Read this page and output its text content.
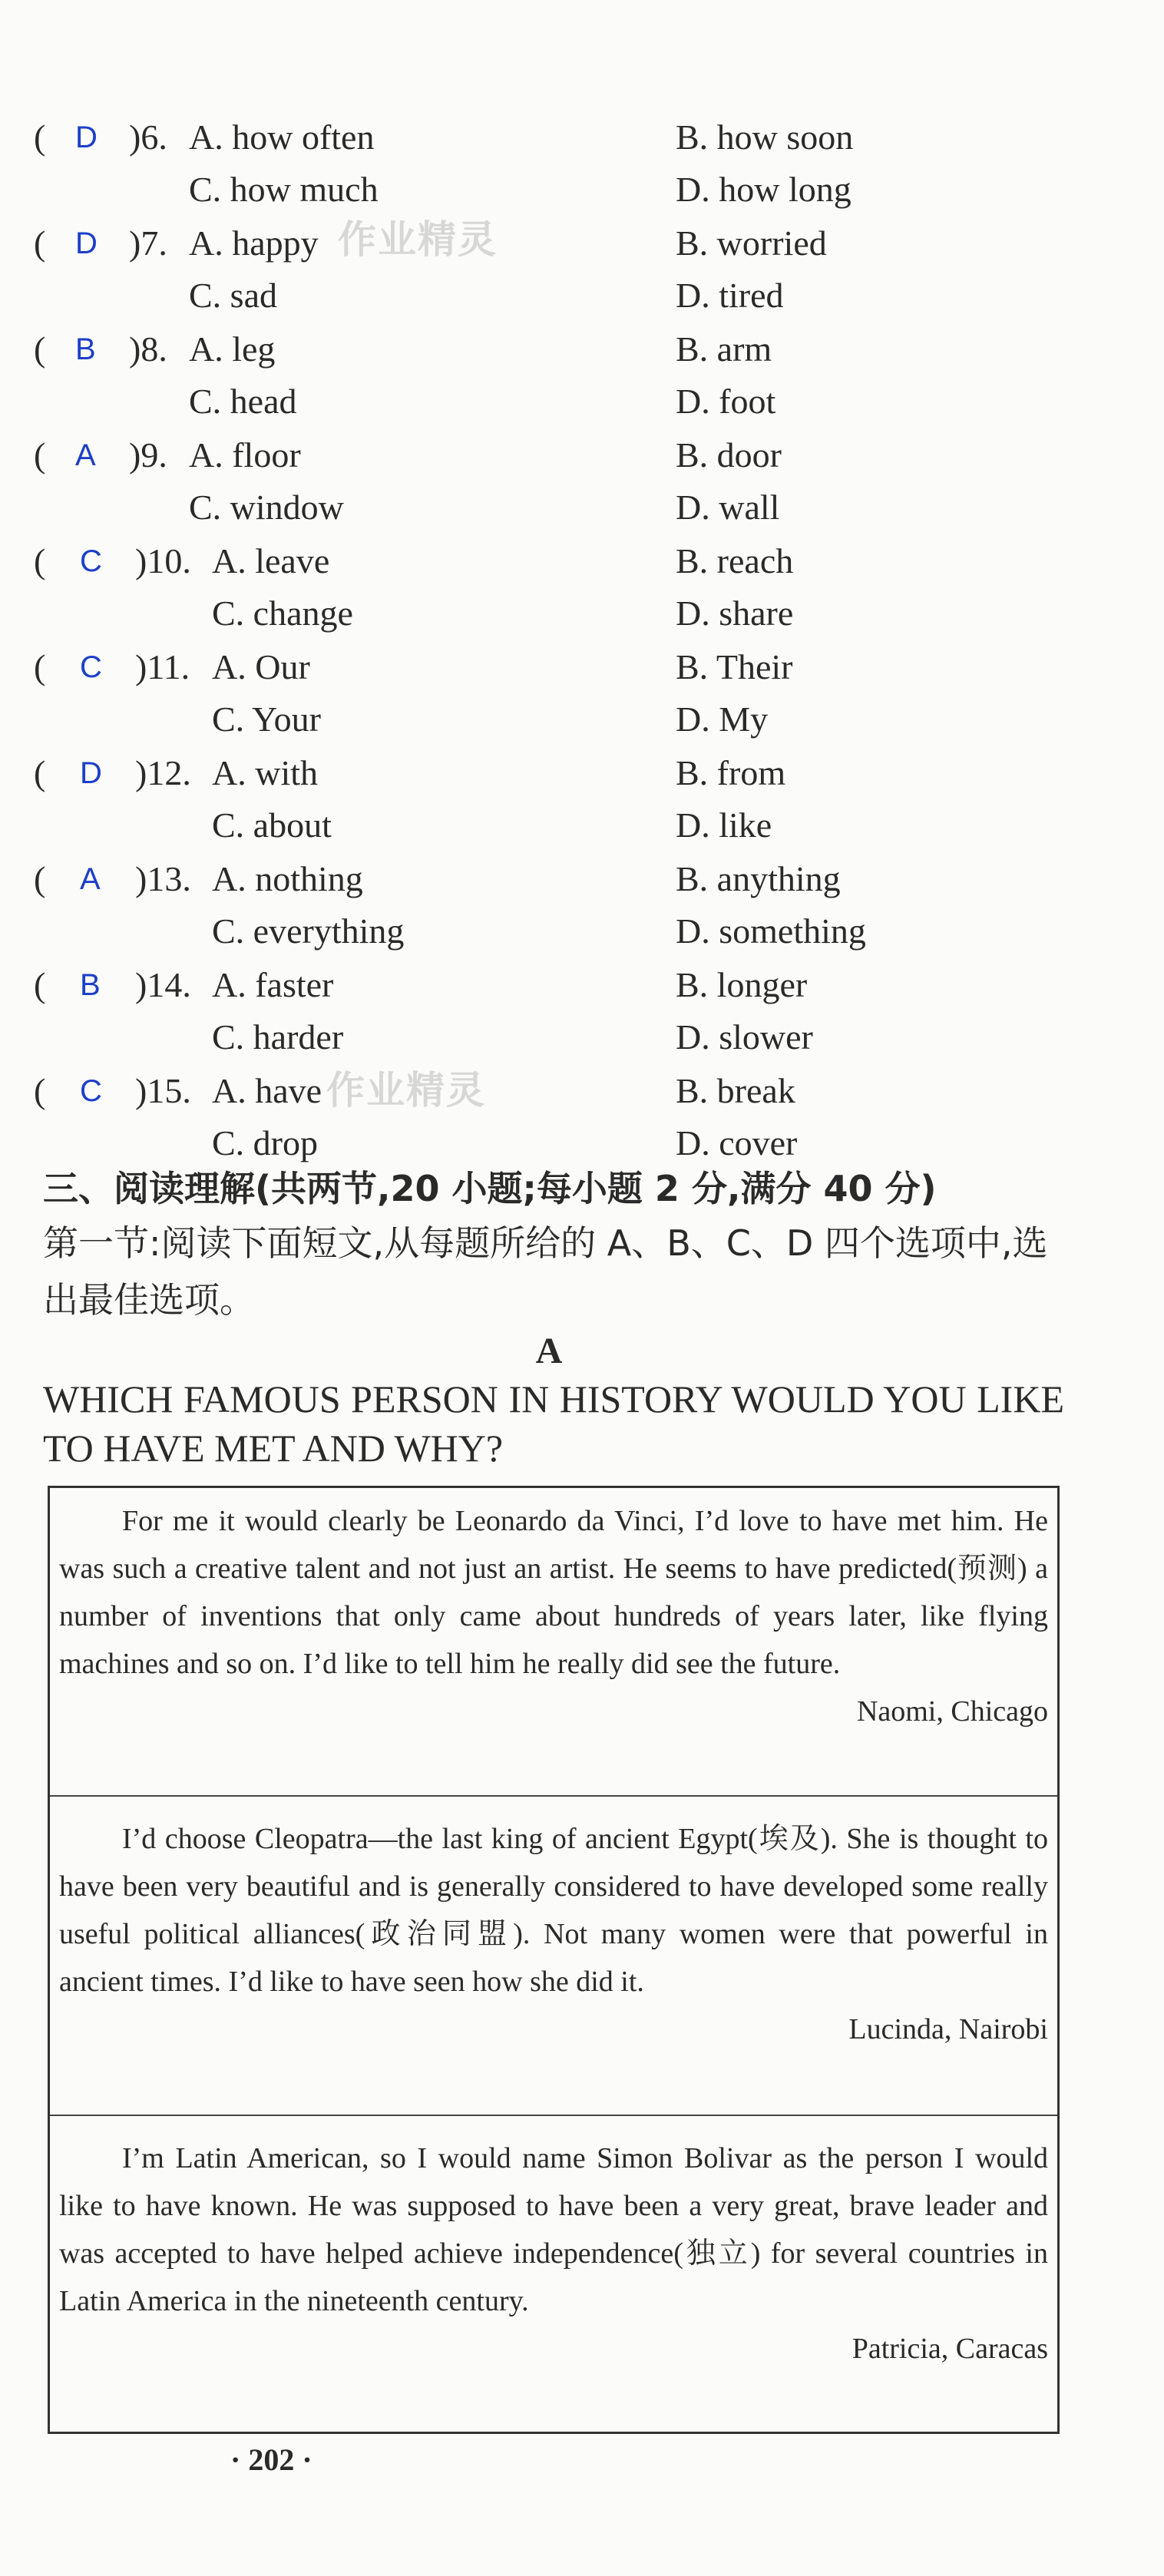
( D )6. A. how often	B. how soon
C. how much	D. how long
( D )7. A. happy	B. worried
C. sad	D. tired
( B )8. A. leg	B. arm
C. head	D. foot
( A )9. A. floor	B. door
C. window	D. wall
( C )10. A. leave	B. reach
C. change	D. share
( C )11. A. Our	B. Their
C. Your	D. My
( D )12. A. with	B. from
C. about	D. like
( A )13. A. nothing	B. anything
C. everything	D. something
( B )14. A. faster	B. longer
C. harder	D. slower
( C )15. A. have	B. break
C. drop	D. cover
作业精灵
作业精灵
三、阅读理解(共两节,20 小题;每小题 2 分,满分 40 分)
第一节:阅读下面短文,从每题所给的 A、B、C、D 四个选项中,选出最佳选项。
A
WHICH FAMOUS PERSON IN HISTORY WOULD YOU LIKE TO HAVE MET AND WHY?
For me it would clearly be Leonardo da Vinci, I’d love to have met him. He was such a creative talent and not just an artist. He seems to have predicted(预测) a number of inventions that only came about hundreds of years later, like flying machines and so on. I’d like to tell him he really did see the future.
Naomi, Chicago
I’d choose Cleopatra—the last king of ancient Egypt(埃及). She is thought to have been very beautiful and is generally considered to have developed some really useful political alliances(政治同盟). Not many women were that powerful in ancient times. I’d like to have seen how she did it.
Lucinda, Nairobi
I’m Latin American, so I would name Simon Bolivar as the person I would like to have known. He was supposed to have been a very great, brave leader and was accepted to have helped achieve independence(独立) for several countries in Latin America in the nineteenth century.
Patricia, Caracas
· 202 ·
